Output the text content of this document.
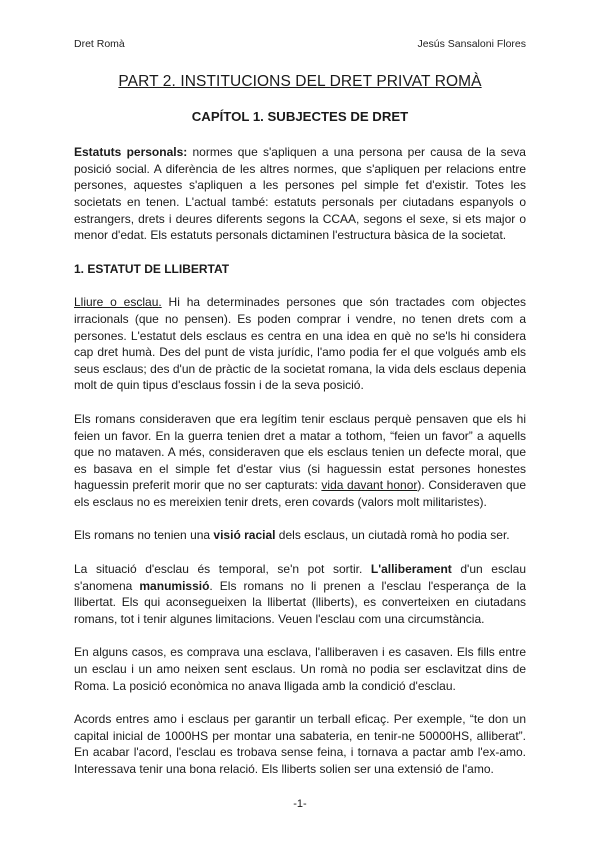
Dret Romà	Jesús Sansaloni Flores
PART 2. INSTITUCIONS DEL DRET PRIVAT ROMÀ
CAPÍTOL 1. SUBJECTES DE DRET

Estatuts personals: normes que s'apliquen a una persona per causa de la seva posició social. A diferència de les altres normes, que s'apliquen per relacions entre persones, aquestes s'apliquen a les persones pel simple fet d'existir. Totes les societats en tenen. L'actual també: estatuts personals per ciutadans espanyols o estrangers, drets i deures diferents segons la CCAA, segons el sexe, si ets major o menor d'edat. Els estatuts personals dictaminen l'estructura bàsica de la societat.

1. ESTATUT DE LLIBERTAT

Lliure o esclau. Hi ha determinades persones que són tractades com objectes irracionals (que no pensen). Es poden comprar i vendre, no tenen drets com a persones. L'estatut dels esclaus es centra en una idea en què no se'ls hi considera cap dret humà. Des del punt de vista jurídic, l'amo podia fer el que volgués amb els seus esclaus; des d'un de pràctic de la societat romana, la vida dels esclaus depenia molt de quin tipus d'esclaus fossin i de la seva posició.

Els romans consideraven que era legítim tenir esclaus perquè pensaven que els hi feien un favor. En la guerra tenien dret a matar a tothom, “feien un favor” a aquells que no mataven. A més, consideraven que els esclaus tenien un defecte moral, que es basava en el simple fet d'estar vius (si haguessin estat persones honestes haguessin preferit morir que no ser capturats: vida davant honor). Consideraven que els esclaus no es mereixien tenir drets, eren covards (valors molt militaristes).

Els romans no tenien una visió racial dels esclaus, un ciutadà romà ho podia ser.

La situació d'esclau és temporal, se'n pot sortir. L'alliberament d'un esclau s'anomena manumissió. Els romans no li prenen a l'esclau l'esperança de la llibertat. Els qui aconsegueixen la llibertat (lliberts), es converteixen en ciutadans romans, tot i tenir algunes limitacions. Veuen l'esclau com una circumstància.

En alguns casos, es comprava una esclava, l'alliberaven i es casaven. Els fills entre un esclau i un amo neixen sent esclaus. Un romà no podia ser esclavitzat dins de Roma. La posició econòmica no anava lligada amb la condició d'esclau.

Acords entres amo i esclaus per garantir un terball eficaç. Per exemple, “te don un capital inicial de 1000HS per montar una sabateria, en tenir-ne 50000HS, alliberat”. En acabar l'acord, l'esclau es trobava sense feina, i tornava a pactar amb l'ex-amo. Interessava tenir una bona relació. Els lliberts solien ser una extensió de l'amo.

-1-
